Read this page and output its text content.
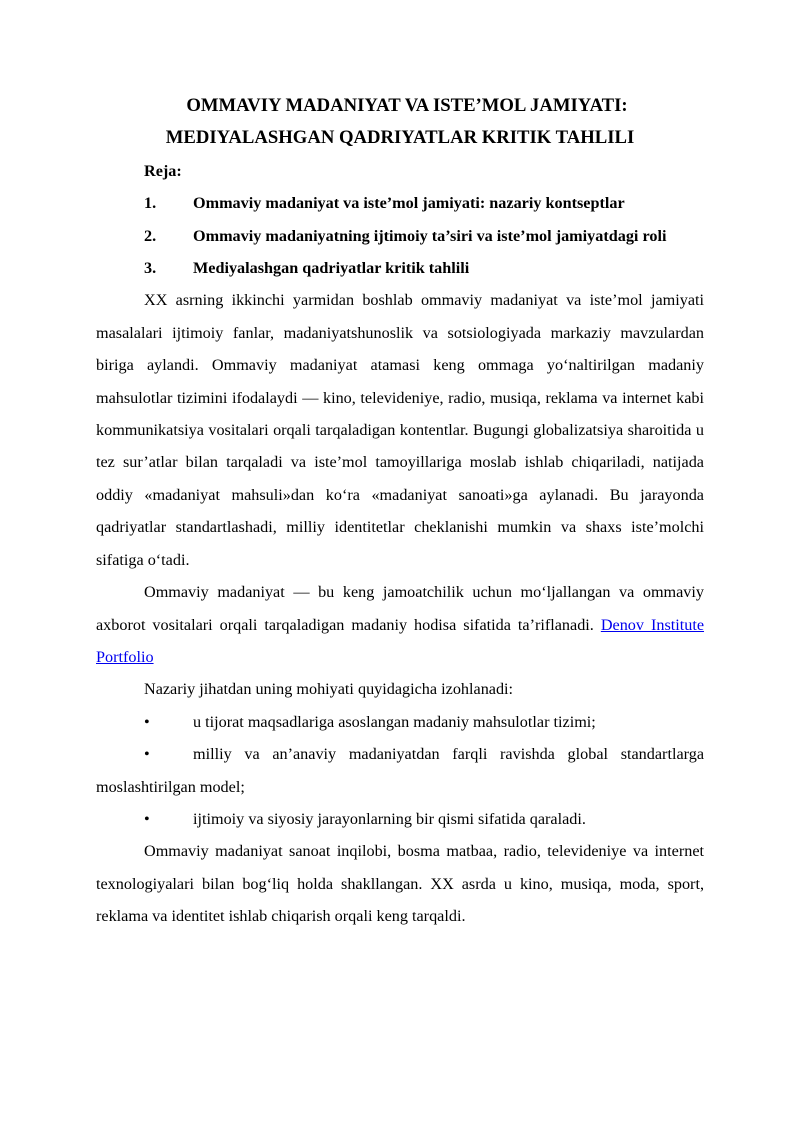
OMMAVIY MADANIYAT VA ISTE’MOL JAMIYATI:
MEDIYALASHGAN QADRIYATLAR KRITIK TAHLILI

Reja:

1. Ommaviy madaniyat va iste’mol jamiyati: nazariy kontseptlar

2. Ommaviy madaniyatning ijtimoiy ta’siri va iste’mol jamiyatdagi roli

3. Mediyalashgan qadriyatlar kritik tahlili

XX asrning ikkinchi yarmidan boshlab ommaviy madaniyat va iste’mol jamiyati masalalari ijtimoiy fanlar, madaniyatshunoslik va sotsiologiyada markaziy mavzulardan biriga aylandi. Ommaviy madaniyat atamasi keng ommaga yoʻnaltirilgan madaniy mahsulotlar tizimini ifodalaydi — kino, televideniye, radio, musiqa, reklama va internet kabi kommunikatsiya vositalari orqali tarqaladigan kontentlar. Bugungi globalizatsiya sharoitida u tez sur’atlar bilan tarqaladi va iste’mol tamoyillariga moslab ishlab chiqariladi, natijada oddiy «madaniyat mahsuli»dan koʻra «madaniyat sanoati»ga aylanadi. Bu jarayonda qadriyatlar standartlashadi, milliy identitetlar cheklanishi mumkin va shaxs iste’molchi sifatiga oʻtadi.

Ommaviy madaniyat — bu keng jamoatchilik uchun moʻljallangan va ommaviy axborot vositalari orqali tarqaladigan madaniy hodisa sifatida ta’riflanadi. Denov Institute Portfolio

Nazariy jihatdan uning mohiyati quyidagicha izohlanadi:

•	u tijorat maqsadlariga asoslangan madaniy mahsulotlar tizimi;

•	milliy va an’anaviy madaniyatdan farqli ravishda global standartlarga moslashtirilgan model;

•	ijtimoiy va siyosiy jarayonlarning bir qismi sifatida qaraladi.

Ommaviy madaniyat sanoat inqilobi, bosma matbaa, radio, televideniye va internet texnologiyalari bilan bogʻliq holda shakllangan. XX asrda u kino, musiqa, moda, sport, reklama va identitet ishlab chiqarish orqali keng tarqaldi.
